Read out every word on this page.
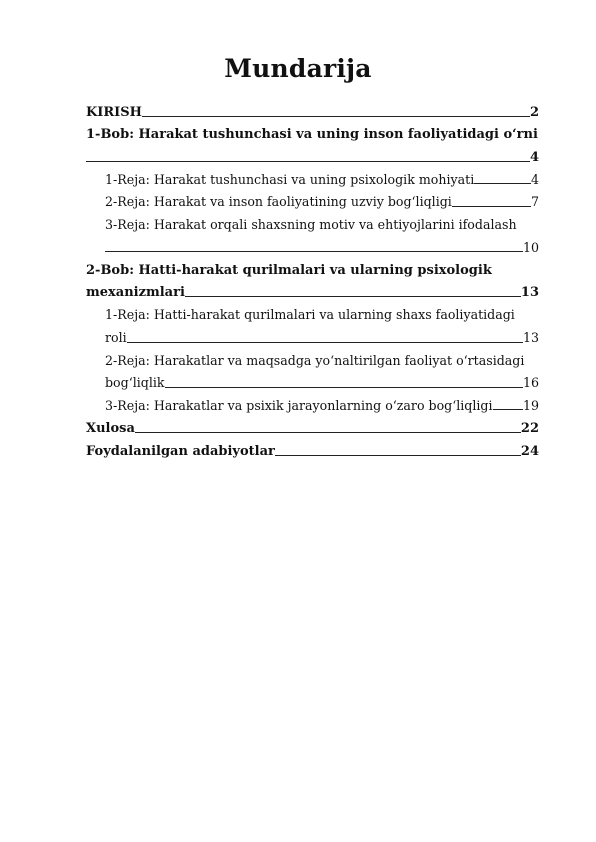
Mundarija
KIRISH	2
1-Bob: Harakat tushunchasi va uning inson faoliyatidagi o‘rni
4
1-Reja: Harakat tushunchasi va uning psixologik mohiyati	4
2-Reja: Harakat va inson faoliyatining uzviy bog‘liqligi	7
3-Reja: Harakat orqali shaxsning motiv va ehtiyojlarini ifodalash
10
2-Bob: Hatti-harakat qurilmalari va ularning psixologik
mexanizmlari	13
1-Reja: Hatti-harakat qurilmalari va ularning shaxs faoliyatidagi
roli	13
2-Reja: Harakatlar va maqsadga yo‘naltirilgan faoliyat o‘rtasidagi
bog‘liqlik	16
3-Reja: Harakatlar va psixik jarayonlarning o‘zaro bog‘liqligi 19
Xulosa	22
Foydalanilgan adabiyotlar	24
